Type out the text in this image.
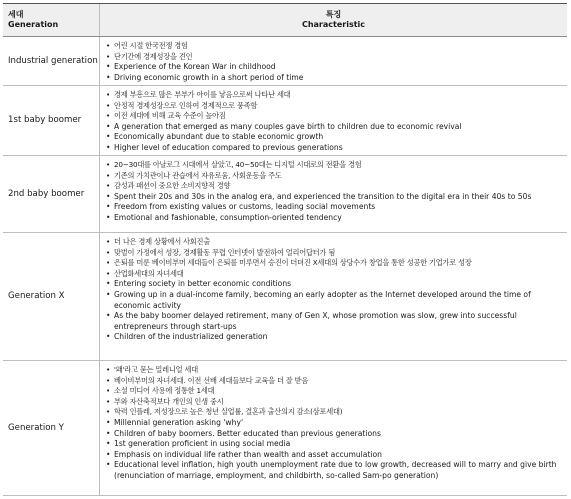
세대
Generation
특징
Characteristic
Industrial generation
• 어린 시절 한국전쟁 경험
• 단기간에 경제성장을 견인
• Experience of the Korean War in childhood
• Driving economic growth in a short period of time
1st baby boomer
• 경제 부흥으로 많은 부부가 아이를 낳음으로써 나타난 세대
• 안정적 경제성장으로 인하여 경제적으로 풍족함
• 이전 세대에 비해 교육 수준이 높아짐
• A generation that emerged as many couples gave birth to children due to economic revival
• Economically abundant due to stable economic growth
• Higher level of education compared to previous generations
2nd baby boomer
• 20~30대를 아날로그 시대에서 살았고, 40~50대는 디지털 시대로의 전환을 경험
• 기존의 가치관이나 관습에서 자유로움, 사회운동을 주도
• 감성과 패션이 중요한 소비지향적 경향
• Spent their 20s and 30s in the analog era, and experienced the transition to the digital era in their 40s to 50s
• Freedom from existing values or customs, leading social movements
• Emotional and fashionable, consumption-oriented tendency
Generation X
• 더 나은 경제 상황에서 사회진출
• 맞벌이 가정에서 성장, 경제활동 무렵 인터넷이 발전하여 얼리어답터가 됨
• 은퇴를 미룬 베이비부머 세대들이 은퇴를 미루면서 승진이 더뎌진 X세대의 상당수가 창업을 통한 성공한 기업가로 성장
• 산업화세대의 자녀세대
• Entering society in better economic conditions
• Growing up in a dual-income family, becoming an early adopter as the Internet developed around the time of economic activity
• As the baby boomer delayed retirement, many of Gen X, whose promotion was slow, grew into successful entrepreneurs through start-ups
• Children of the industrialized generation
Generation Y
• '왜'라고 묻는 밀레니얼 세대
• 베이비부머의 자녀세대. 이전 선배 세대들보다 교육을 더 잘 받음
• 소셜 미디어 사용에 정통한 1세대
• 부와 자산축적보다 개인의 인생 중시
• 학력 인플레, 저성장으로 높은 청년 실업률, 결혼과 출산의지 감소(삼포세대)
• Millennial generation asking 'why'
• Children of baby boomers. Better educated than previous generations
• 1st generation proficient in using social media
• Emphasis on individual life rather than wealth and asset accumulation
• Educational level inflation, high youth unemployment rate due to low growth, decreased will to marry and give birth (renunciation of marriage, employment, and childbirth, so-called Sam-po generation)
